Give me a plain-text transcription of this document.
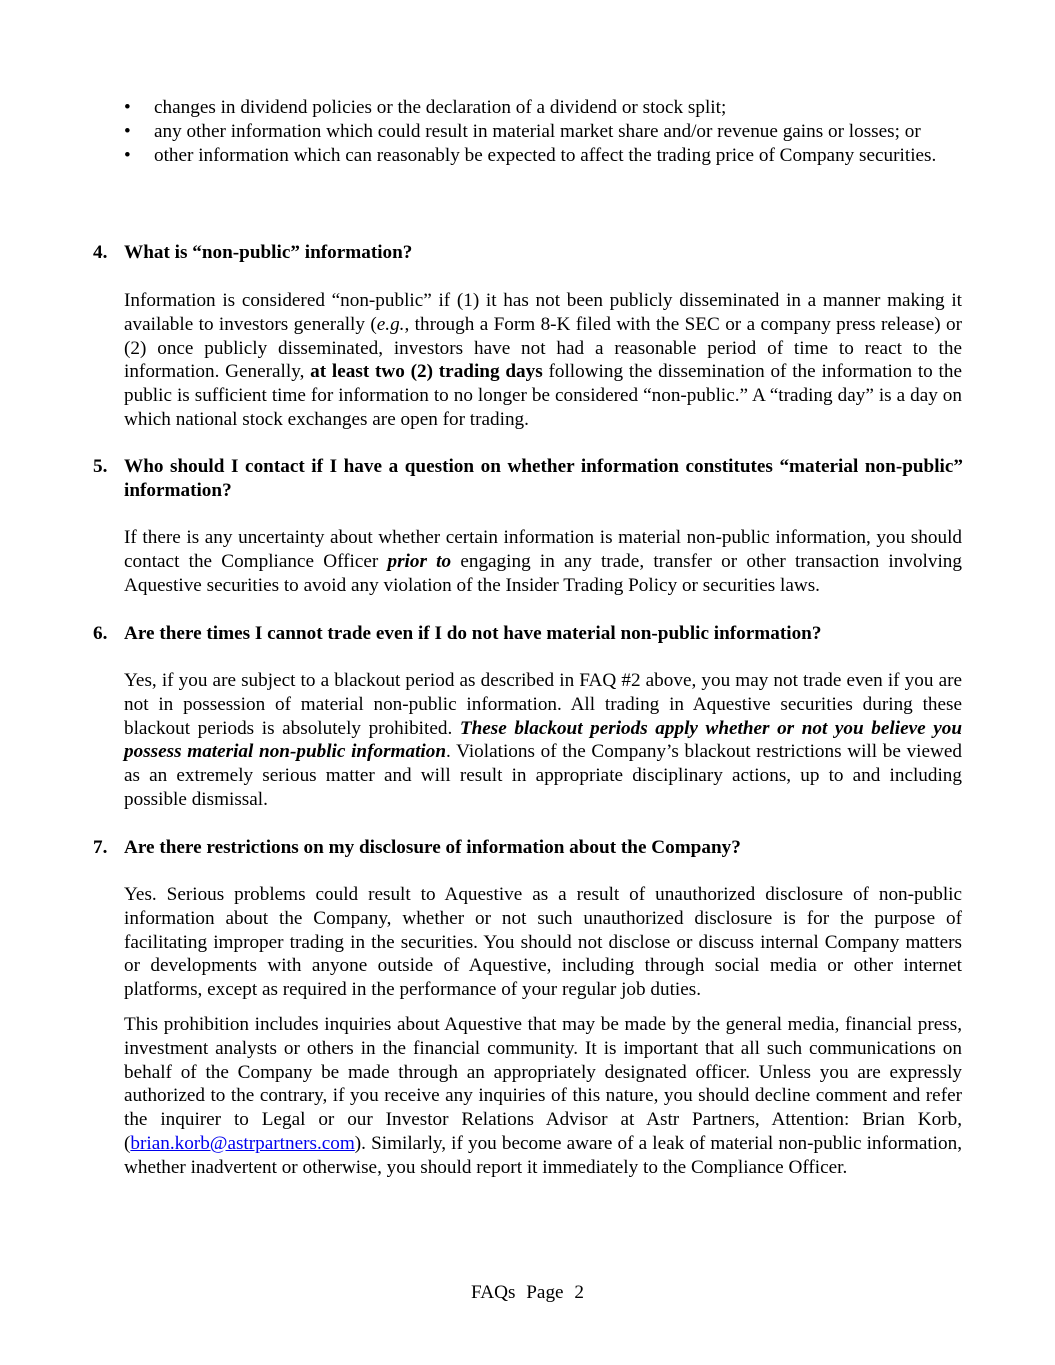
•	changes in dividend policies or the declaration of a dividend or stock split;
•	any other information which could result in material market share and/or revenue gains or losses; or
•	other information which can reasonably be expected to affect the trading price of Company securities.
4. What is “non-public” information?

Information is considered “non-public” if (1) it has not been publicly disseminated in a manner making it available to investors generally (e.g., through a Form 8-K filed with the SEC or a company press release) or (2) once publicly disseminated, investors have not had a reasonable period of time to react to the information. Generally, at least two (2) trading days following the dissemination of the information to the public is sufficient time for information to no longer be considered “non-public.” A “trading day” is a day on which national stock exchanges are open for trading.

5. Who should I contact if I have a question on whether information constitutes “material non-public” information?

If there is any uncertainty about whether certain information is material non-public information, you should contact the Compliance Officer prior to engaging in any trade, transfer or other transaction involving Aquestive securities to avoid any violation of the Insider Trading Policy or securities laws.

6. Are there times I cannot trade even if I do not have material non-public information?

Yes, if you are subject to a blackout period as described in FAQ #2 above, you may not trade even if you are not in possession of material non-public information. All trading in Aquestive securities during these blackout periods is absolutely prohibited. These blackout periods apply whether or not you believe you possess material non-public information. Violations of the Company’s blackout restrictions will be viewed as an extremely serious matter and will result in appropriate disciplinary actions, up to and including possible dismissal.

7. Are there restrictions on my disclosure of information about the Company?

Yes. Serious problems could result to Aquestive as a result of unauthorized disclosure of non-public information about the Company, whether or not such unauthorized disclosure is for the purpose of facilitating improper trading in the securities. You should not disclose or discuss internal Company matters or developments with anyone outside of Aquestive, including through social media or other internet platforms, except as required in the performance of your regular job duties.

This prohibition includes inquiries about Aquestive that may be made by the general media, financial press, investment analysts or others in the financial community. It is important that all such communications on behalf of the Company be made through an appropriately designated officer. Unless you are expressly authorized to the contrary, if you receive any inquiries of this nature, you should decline comment and refer the inquirer to Legal or our Investor Relations Advisor at Astr Partners, Attention: Brian Korb, (brian.korb@astrpartners.com). Similarly, if you become aware of a leak of material non-public information, whether inadvertent or otherwise, you should report it immediately to the Compliance Officer.

FAQs Page 2
